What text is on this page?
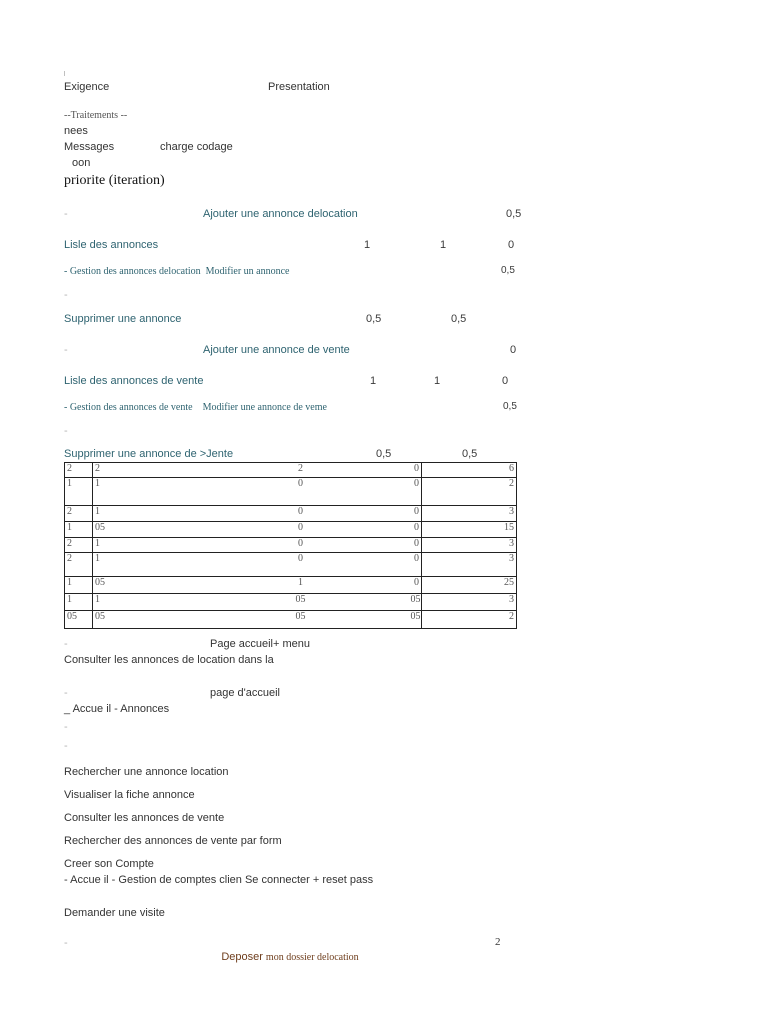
Exigence	Presentation
--Traitements --
nees
Messages	charge codage
oon
priorite (iteration)
-	Ajouter une annonce delocation	0,5
Lisle des annonces	1	1	0
- Gestion des annonces delocation  Modifier un annonce	0,5
-
Supprimer une annonce	0,5	0,5
-	Ajouter une annonce de vente	0
Lisle des annonces de vente	1	1	0
- Gestion des annonces de vente    Modifier une annonce de veme	0,5
-
Supprimer une annonce de >Jente	0,5	0,5
2	2	2	0	6
1	1	0	0	2
2	1	0	0	3
1	05	0	0	15
2	1	0	0	3
2	1	0	0	3
1	05	1	0	25
1	1	05	05	3
05	05	05	05	2
-	Page accueil+ menu
Consulter les annonces de location dans la
-	page d'accueil
_ Accue il - Annonces
-
-
Rechercher une annonce location
Visualiser la fiche annonce
Consulter les annonces de vente
Rechercher des annonces de vente par form
Creer son Compte
- Accue il - Gestion de comptes clien Se connecter + reset pass
Demander une visite
-

Deposer mon dossier delocation

2
